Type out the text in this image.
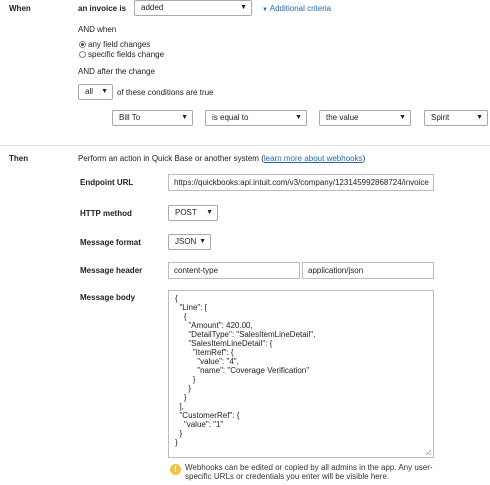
When	an invoice is	added	▼	▼ Additional criteria
AND when
any field changes
specific fields change
AND after the change
all ▼ of these conditions are true
Bill To	▼	is equal to	▼	the value	▼	Spirit	▼
Then	Perform an action in Quick Base or another system (learn more about webhooks)
Endpoint URL	https://quickbooks.api.intuit.com/v3/company/123145992868724/invoice
HTTP method	POST ▼
Message format	JSON ▼
Message header	content-type	application/json
Message body
{ "Line": [ { "Amount": 420.00, "DetailType": "SalesItemLineDetail", "SalesItemLineDetail": { "ItemRef": { "value": "4", "name": "Coverage Verification" } } } ], "CustomerRef": { "value": "1" } }
!	Webhooks can be edited or copied by all admins in the app. Any user-specific URLs or credentials you enter will be visible here.
